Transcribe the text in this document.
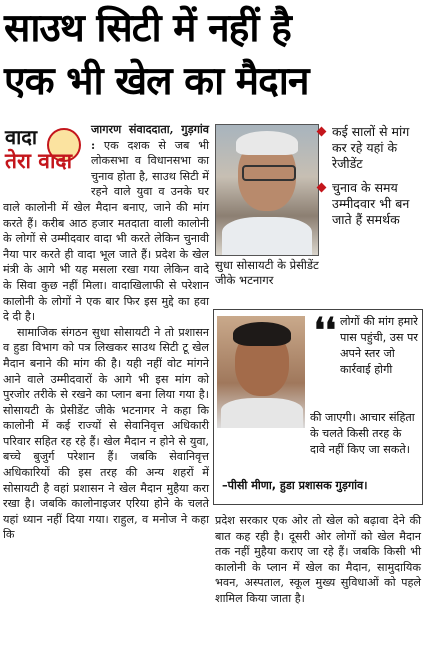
साउथ सिटी में नहीं है
एक भी खेल का मैदान
वादा
तेरा वादा

जागरण संवाददाता, गुड़गांव : एक दशक से जब भी लोकसभा व विधानसभा का चुनाव होता है, साउथ सिटी में रहने वाले युवा व उनके घर वाले कालोनी में खेल मैदान बनाए, जाने की मांग करते हैं। करीब आठ हजार मतदाता वाली कालोनी के लोगों से उम्मीदवार वादा भी करते लेकिन चुनावी नैया पार करते ही वादा भूल जाते हैं। प्रदेश के खेल मंत्री के आगे भी यह मसला रखा गया लेकिन वादे के सिवा कुछ नहीं मिला। वादाखिलाफी से परेशान कालोनी के लोगों ने एक बार फिर इस मुद्दे का हवा दे दी है।

सामाजिक संगठन सुधा सोसायटी ने तो प्रशासन व हुडा विभाग को पत्र लिखकर साउथ सिटी टू खेल मैदान बनाने की मांग की है। यही नहीं वोट मांगने आने वाले उम्मीदवारों के आगे भी इस मांग को पुरजोर तरीके से रखने का प्लान बना लिया गया है। सोसायटी के प्रेसीडेंट जीके भटनागर ने कहा कि कालोनी में कई राज्यों से सेवानिवृत्त अधिकारी परिवार सहित रह रहे हैं। खेल मैदान न होने से युवा, बच्चे बुजुर्ग परेशान हैं। जबकि सेवानिवृत्त अधिकारियों की इस तरह की अन्य शहरों में सोसायटी है वहां प्रशासन ने खेल मैदान मुहैया करा रखा है। जबकि कालोनाइजर एरिया होने के चलते यहां ध्यान नहीं दिया गया। राहुल, व मनोज ने कहा कि

सुधा सोसायटी के प्रेसीडेंट जीके भटनागर
कई सालों से मांग कर रहे यहां के रेजीडेंट
चुनाव के समय उम्मीदवार भी बन जाते हैं समर्थक
❛❛ लोगों की मांग हमारे पास पहुंची, उस पर अपने स्तर जो कार्रवाई होगी
की जाएगी। आचार संहिता के चलते किसी तरह के दावे नहीं किए जा सकते।
–पीसी मीणा, हुडा प्रशासक गुड़गांव।

प्रदेश सरकार एक ओर तो खेल को बढ़ावा देने की बात कह रही है। दूसरी ओर लोगों को खेल मैदान तक नहीं मुहैया कराए जा रहे हैं। जबकि किसी भी कालोनी के प्लान में खेल का मैदान, सामुदायिक भवन, अस्पताल, स्कूल मुख्य सुविधाओं को पहले शामिल किया जाता है।
